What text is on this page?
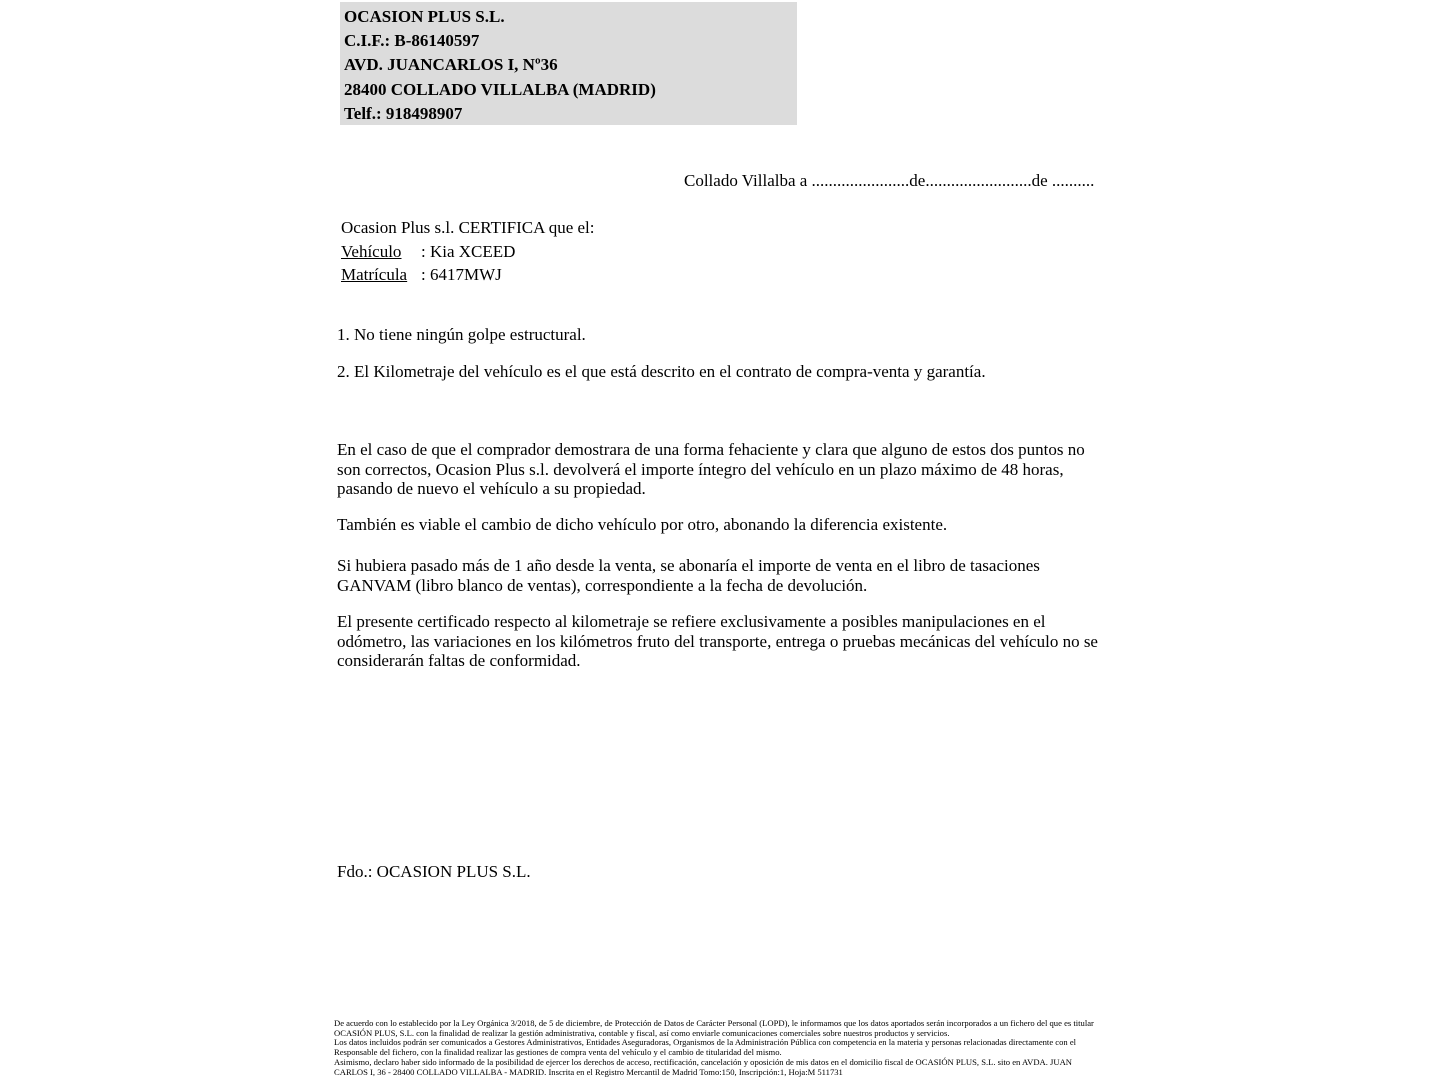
OCASION PLUS S.L.
C.I.F.: B-86140597
AVD. JUANCARLOS I, Nº36
28400 COLLADO VILLALBA (MADRID)
Telf.: 918498907
Collado Villalba a .......................de.........................de ..........
Ocasion Plus s.l. CERTIFICA que el:
Vehículo : Kia XCEED
Matrícula : 6417MWJ
1. No tiene ningún golpe estructural.
2. El Kilometraje del vehículo es el que está descrito en el contrato de compra-venta y garantía.
En el caso de que el comprador demostrara de una forma fehaciente y clara que alguno de estos dos puntos no son correctos, Ocasion Plus s.l. devolverá el importe íntegro del vehículo en un plazo máximo de 48 horas, pasando de nuevo el vehículo a su propiedad.
También es viable el cambio de dicho vehículo por otro, abonando la diferencia existente.
Si hubiera pasado más de 1 año desde la venta, se abonaría el importe de venta en el libro de tasaciones GANVAM (libro blanco de ventas), correspondiente a la fecha de devolución.
El presente certificado respecto al kilometraje se refiere exclusivamente a posibles manipulaciones en el odómetro, las variaciones en los kilómetros fruto del transporte, entrega o pruebas mecánicas del vehículo no se considerarán faltas de conformidad.
Fdo.: OCASION PLUS S.L.
De acuerdo con lo establecido por la Ley Orgánica 3/2018, de 5 de diciembre, de Protección de Datos de Carácter Personal (LOPD), le informamos que los datos aportados serán incorporados a un fichero del que es titular
OCASIÓN PLUS, S.L. con la finalidad de realizar la gestión administrativa, contable y fiscal, así como enviarle comunicaciones comerciales sobre nuestros productos y servicios.
Los datos incluidos podrán ser comunicados a Gestores Administrativos, Entidades Aseguradoras, Organismos de la Administración Pública con competencia en la materia y personas relacionadas directamente con el
Responsable del fichero, con la finalidad realizar las gestiones de compra venta del vehículo y el cambio de titularidad del mismo.
Asimismo, declaro haber sido informado de la posibilidad de ejercer los derechos de acceso, rectificación, cancelación y oposición de mis datos en el domicilio fiscal de OCASIÓN PLUS, S.L. sito en AVDA. JUAN
CARLOS I, 36 - 28400 COLLADO VILLALBA - MADRID. Inscrita en el Registro Mercantil de Madrid Tomo:150, Inscripción:1, Hoja:M 511731
